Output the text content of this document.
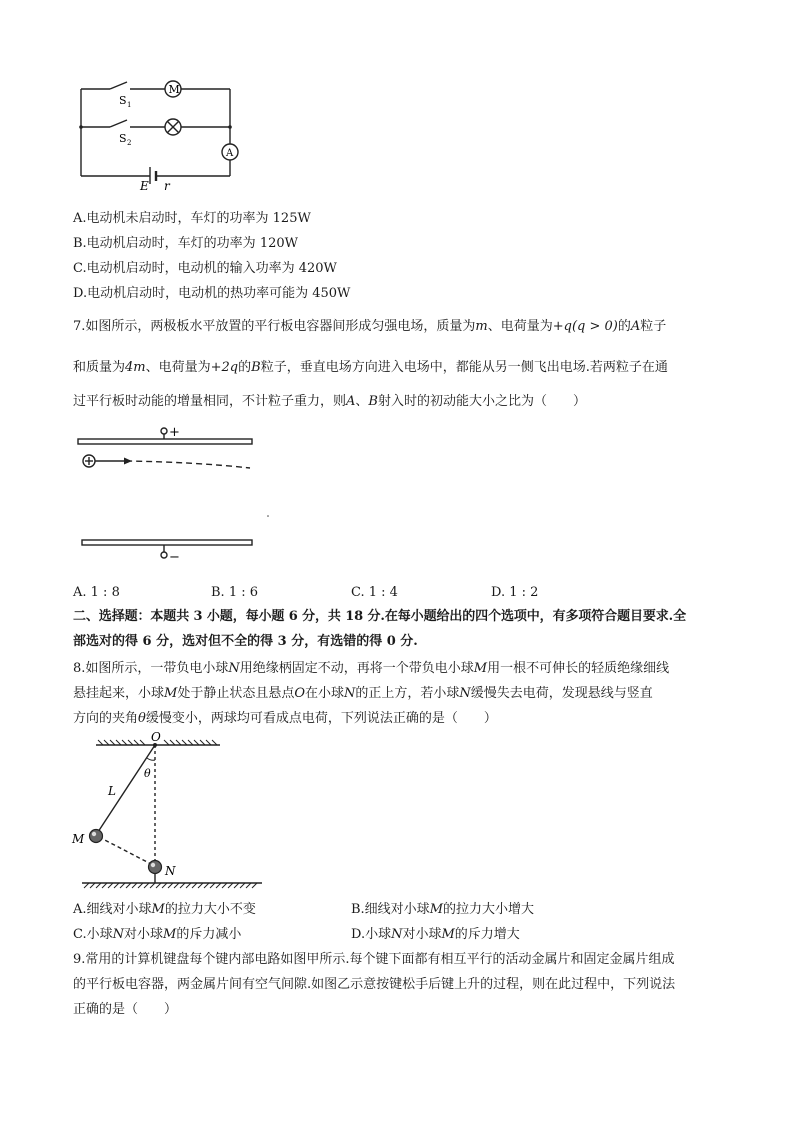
S 1
S 2
M
A
E r
A.电动机未启动时，车灯的功率为 125W
B.电动机启动时，车灯的功率为 120W
C.电动机启动时，电动机的输入功率为 420W
D.电动机启动时，电动机的热功率可能为 450W
7.如图所示，两极板水平放置的平行板电容器间形成匀强电场，质量为m、电荷量为+q(q > 0)的A粒子
和质量为4m、电荷量为+2q的B粒子，垂直电场方向进入电场中，都能从另一侧飞出电场.若两粒子在通
过平行板时动能的增量相同，不计粒子重力，则A、B射入时的初动能大小之比为（　　）
+
−
A. 1 : 8	B. 1 : 6	C. 1 : 4	D. 1 : 2
二、选择题：本题共 3 小题，每小题 6 分，共 18 分.在每小题给出的四个选项中，有多项符合题目要求.全
部选对的得 6 分，选对但不全的得 3 分，有选错的得 0 分.
8.如图所示，一带负电小球N用绝缘柄固定不动，再将一个带负电小球M用一根不可伸长的轻质绝缘细线
悬挂起来，小球M处于静止状态且悬点O在小球N的正上方，若小球N缓慢失去电荷，发现悬线与竖直
方向的夹角θ缓慢变小，两球均可看成点电荷，下列说法正确的是（　　）
O
θ
L
M
N
A.细线对小球M的拉力大小不变	B.细线对小球M的拉力大小增大
C.小球N对小球M的斥力减小	D.小球N对小球M的斥力增大
9.常用的计算机键盘每个键内部电路如图甲所示.每个键下面都有相互平行的活动金属片和固定金属片组成
的平行板电容器，两金属片间有空气间隙.如图乙示意按键松手后键上升的过程，则在此过程中，下列说法
正确的是（　　）
